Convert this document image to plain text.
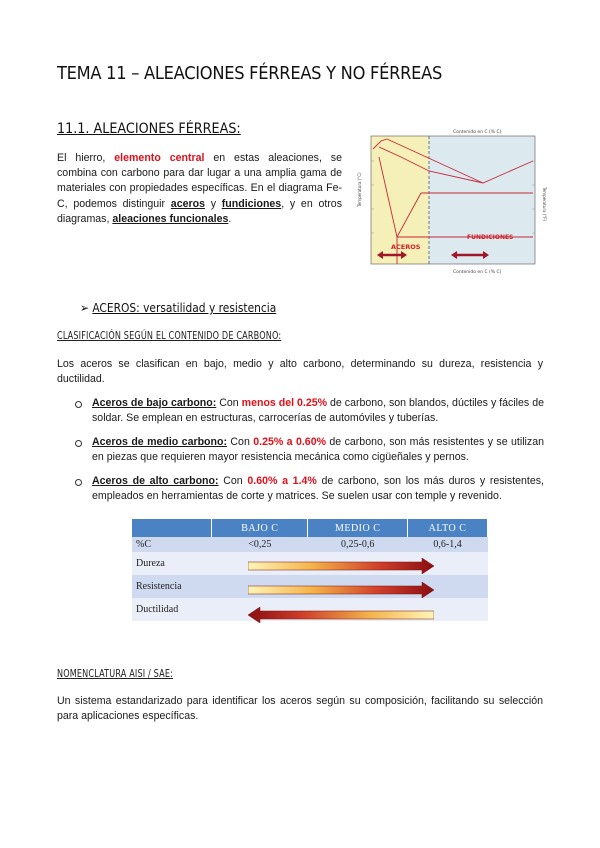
TEMA 11 – ALEACIONES FÉRREAS Y NO FÉRREAS
11.1. ALEACIONES FÉRREAS:
El hierro, elemento central en estas aleaciones, se combina con carbono para dar lugar a una amplia gama de materiales con propiedades específicas. En el diagrama Fe-C, podemos distinguir aceros y fundiciones, y en otros diagramas, aleaciones funcionales.
Contenido en C (% C)
Contenido en C (% C)
Temperatura (°C)	Temperatura (°F)
ACEROS
FUNDICIONES
➢ ACEROS: versatilidad y resistencia
CLASIFICACIÓN SEGÚN EL CONTENIDO DE CARBONO:
Los aceros se clasifican en bajo, medio y alto carbono, determinando su dureza, resistencia y ductilidad.
Aceros de bajo carbono: Con menos del 0.25% de carbono, son blandos, dúctiles y fáciles de soldar. Se emplean en estructuras, carrocerías de automóviles y tuberías.
Aceros de medio carbono: Con 0.25% a 0.60% de carbono, son más resistentes y se utilizan en piezas que requieren mayor resistencia mecánica como cigüeñales y pernos.
Aceros de alto carbono: Con 0.60% a 1.4% de carbono, son los más duros y resistentes, empleados en herramientas de corte y matrices. Se suelen usar con temple y revenido.
	BAJO C	MEDIO C	ALTO C
%C	<0,25	0,25-0,6	0,6-1,4
Dureza			
Resistencia			
Ductilidad			
NOMENCLATURA AISI / SAE:
Un sistema estandarizado para identificar los aceros según su composición, facilitando su selección para aplicaciones específicas.
